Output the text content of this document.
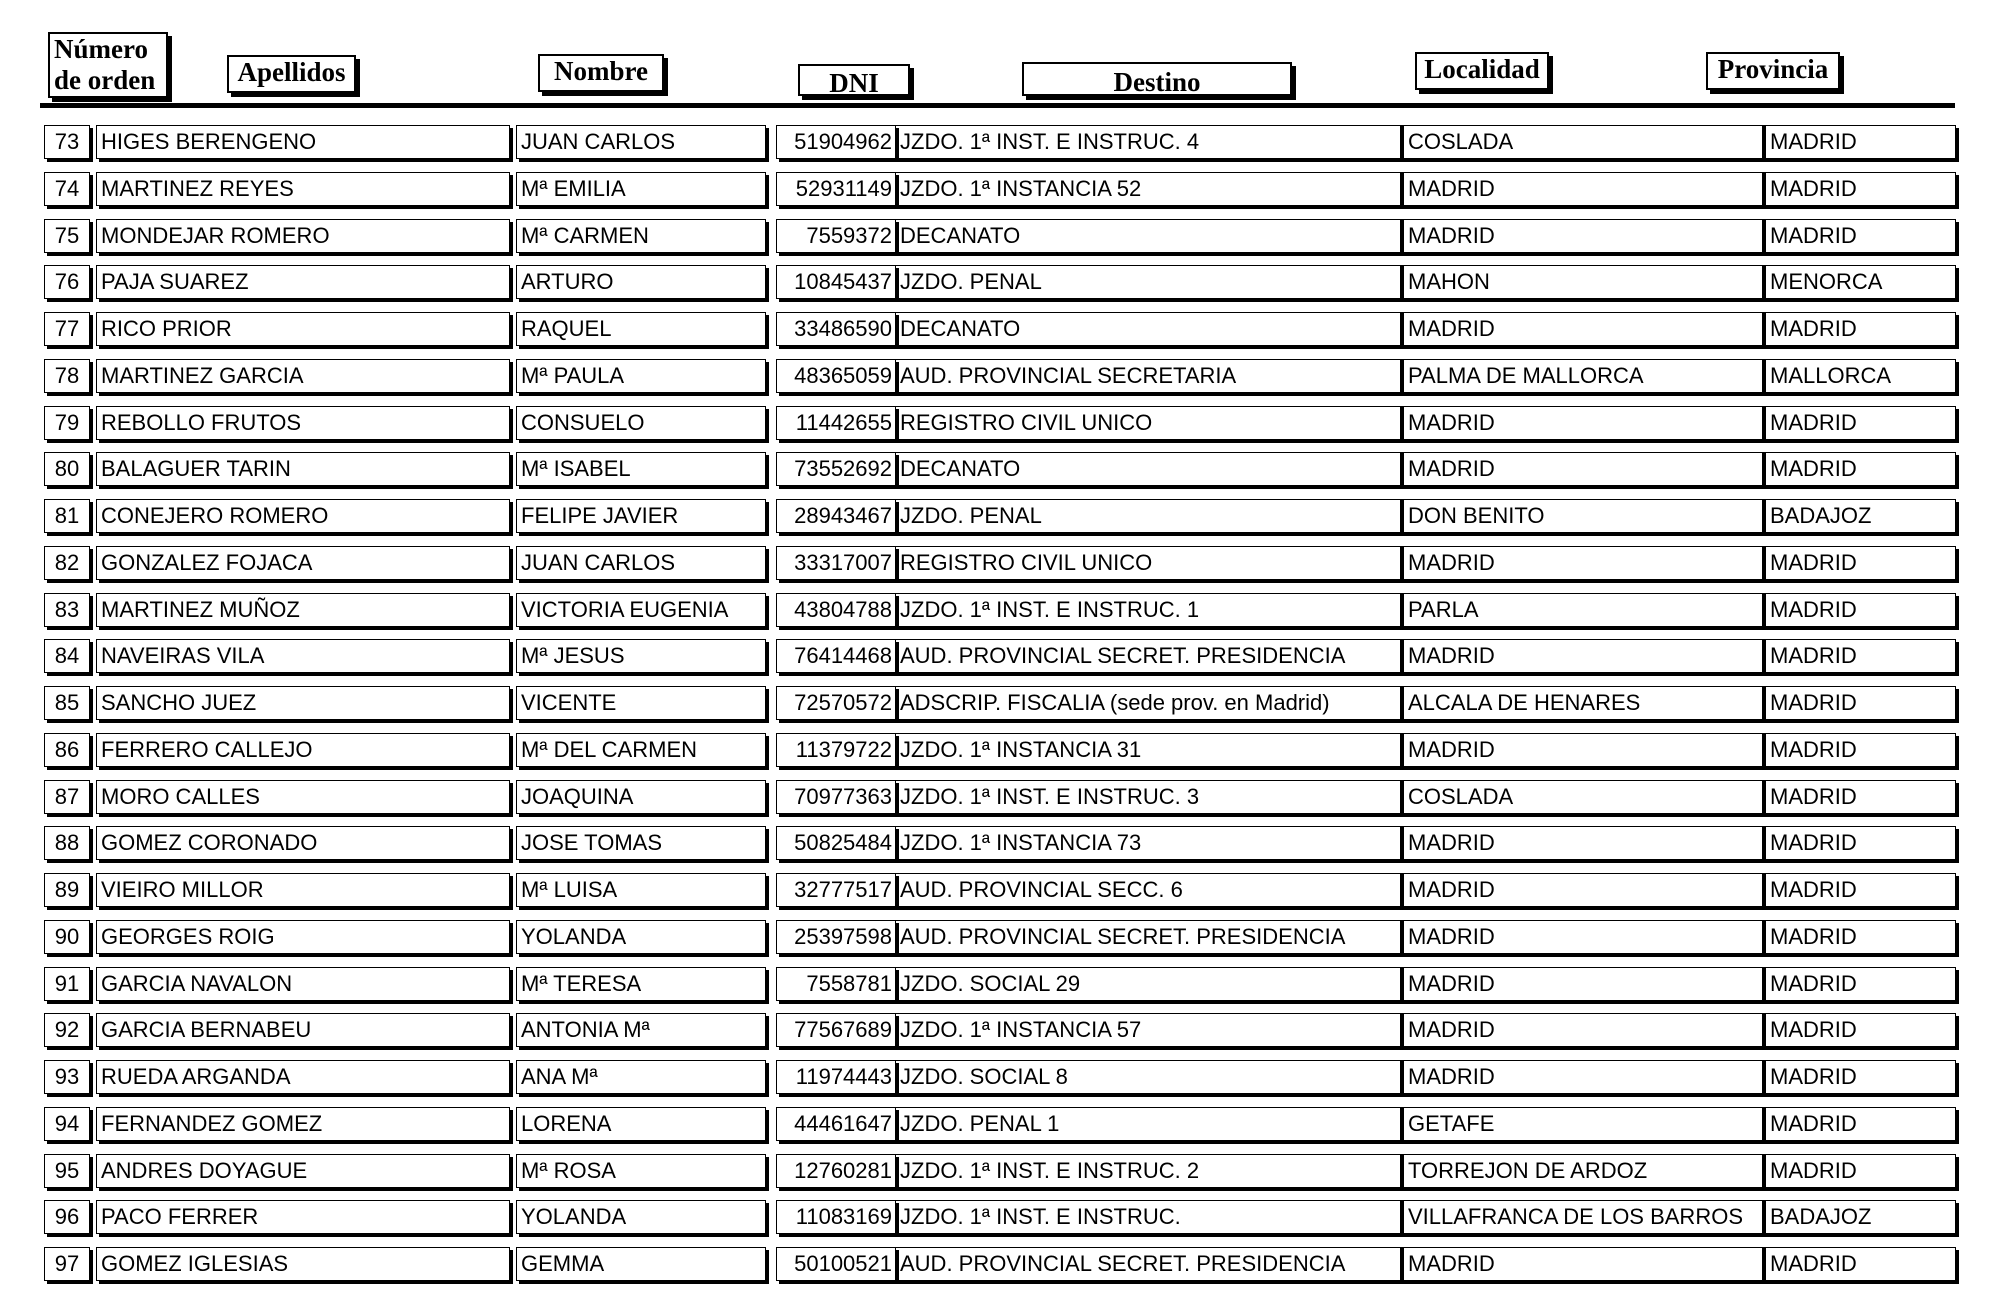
Número de orden	Apellidos	Nombre	DNI	Destino	Localidad	Provincia
73 HIGES BERENGENO	JUAN CARLOS	51904962 JZDO. 1ª INST. E INSTRUC. 4	COSLADA	MADRID
74 MARTINEZ REYES	Mª EMILIA	52931149 JZDO. 1ª INSTANCIA 52	MADRID	MADRID
75 MONDEJAR ROMERO	Mª CARMEN	7559372 DECANATO	MADRID	MADRID
76 PAJA SUAREZ	ARTURO	10845437 JZDO. PENAL	MAHON	MENORCA
77 RICO PRIOR	RAQUEL	33486590 DECANATO	MADRID	MADRID
78 MARTINEZ GARCIA	Mª PAULA	48365059 AUD. PROVINCIAL SECRETARIA	PALMA DE MALLORCA	MALLORCA
79 REBOLLO FRUTOS	CONSUELO	11442655 REGISTRO CIVIL UNICO	MADRID	MADRID
80 BALAGUER TARIN	Mª ISABEL	73552692 DECANATO	MADRID	MADRID
81 CONEJERO ROMERO	FELIPE JAVIER	28943467 JZDO. PENAL	DON BENITO	BADAJOZ
82 GONZALEZ FOJACA	JUAN CARLOS	33317007 REGISTRO CIVIL UNICO	MADRID	MADRID
83 MARTINEZ MUÑOZ	VICTORIA EUGENIA	43804788 JZDO. 1ª INST. E INSTRUC. 1	PARLA	MADRID
84 NAVEIRAS VILA	Mª JESUS	76414468 AUD. PROVINCIAL SECRET. PRESIDENCIA	MADRID	MADRID
85 SANCHO JUEZ	VICENTE	72570572 ADSCRIP. FISCALIA (sede prov. en Madrid)	ALCALA DE HENARES	MADRID
86 FERRERO CALLEJO	Mª DEL CARMEN	11379722 JZDO. 1ª INSTANCIA 31	MADRID	MADRID
87 MORO CALLES	JOAQUINA	70977363 JZDO. 1ª INST. E INSTRUC. 3	COSLADA	MADRID
88 GOMEZ CORONADO	JOSE TOMAS	50825484 JZDO. 1ª INSTANCIA 73	MADRID	MADRID
89 VIEIRO MILLOR	Mª LUISA	32777517 AUD. PROVINCIAL SECC. 6	MADRID	MADRID
90 GEORGES ROIG	YOLANDA	25397598 AUD. PROVINCIAL SECRET. PRESIDENCIA	MADRID	MADRID
91 GARCIA NAVALON	Mª TERESA	7558781 JZDO. SOCIAL 29	MADRID	MADRID
92 GARCIA BERNABEU	ANTONIA Mª	77567689 JZDO. 1ª INSTANCIA 57	MADRID	MADRID
93 RUEDA ARGANDA	ANA Mª	11974443 JZDO. SOCIAL 8	MADRID	MADRID
94 FERNANDEZ GOMEZ	LORENA	44461647 JZDO. PENAL 1	GETAFE	MADRID
95 ANDRES DOYAGUE	Mª ROSA	12760281 JZDO. 1ª INST. E INSTRUC. 2	TORREJON DE ARDOZ	MADRID
96 PACO FERRER	YOLANDA	11083169 JZDO. 1ª INST. E INSTRUC.	VILLAFRANCA DE LOS BARROS	BADAJOZ
97 GOMEZ IGLESIAS	GEMMA	50100521 AUD. PROVINCIAL SECRET. PRESIDENCIA	MADRID	MADRID
